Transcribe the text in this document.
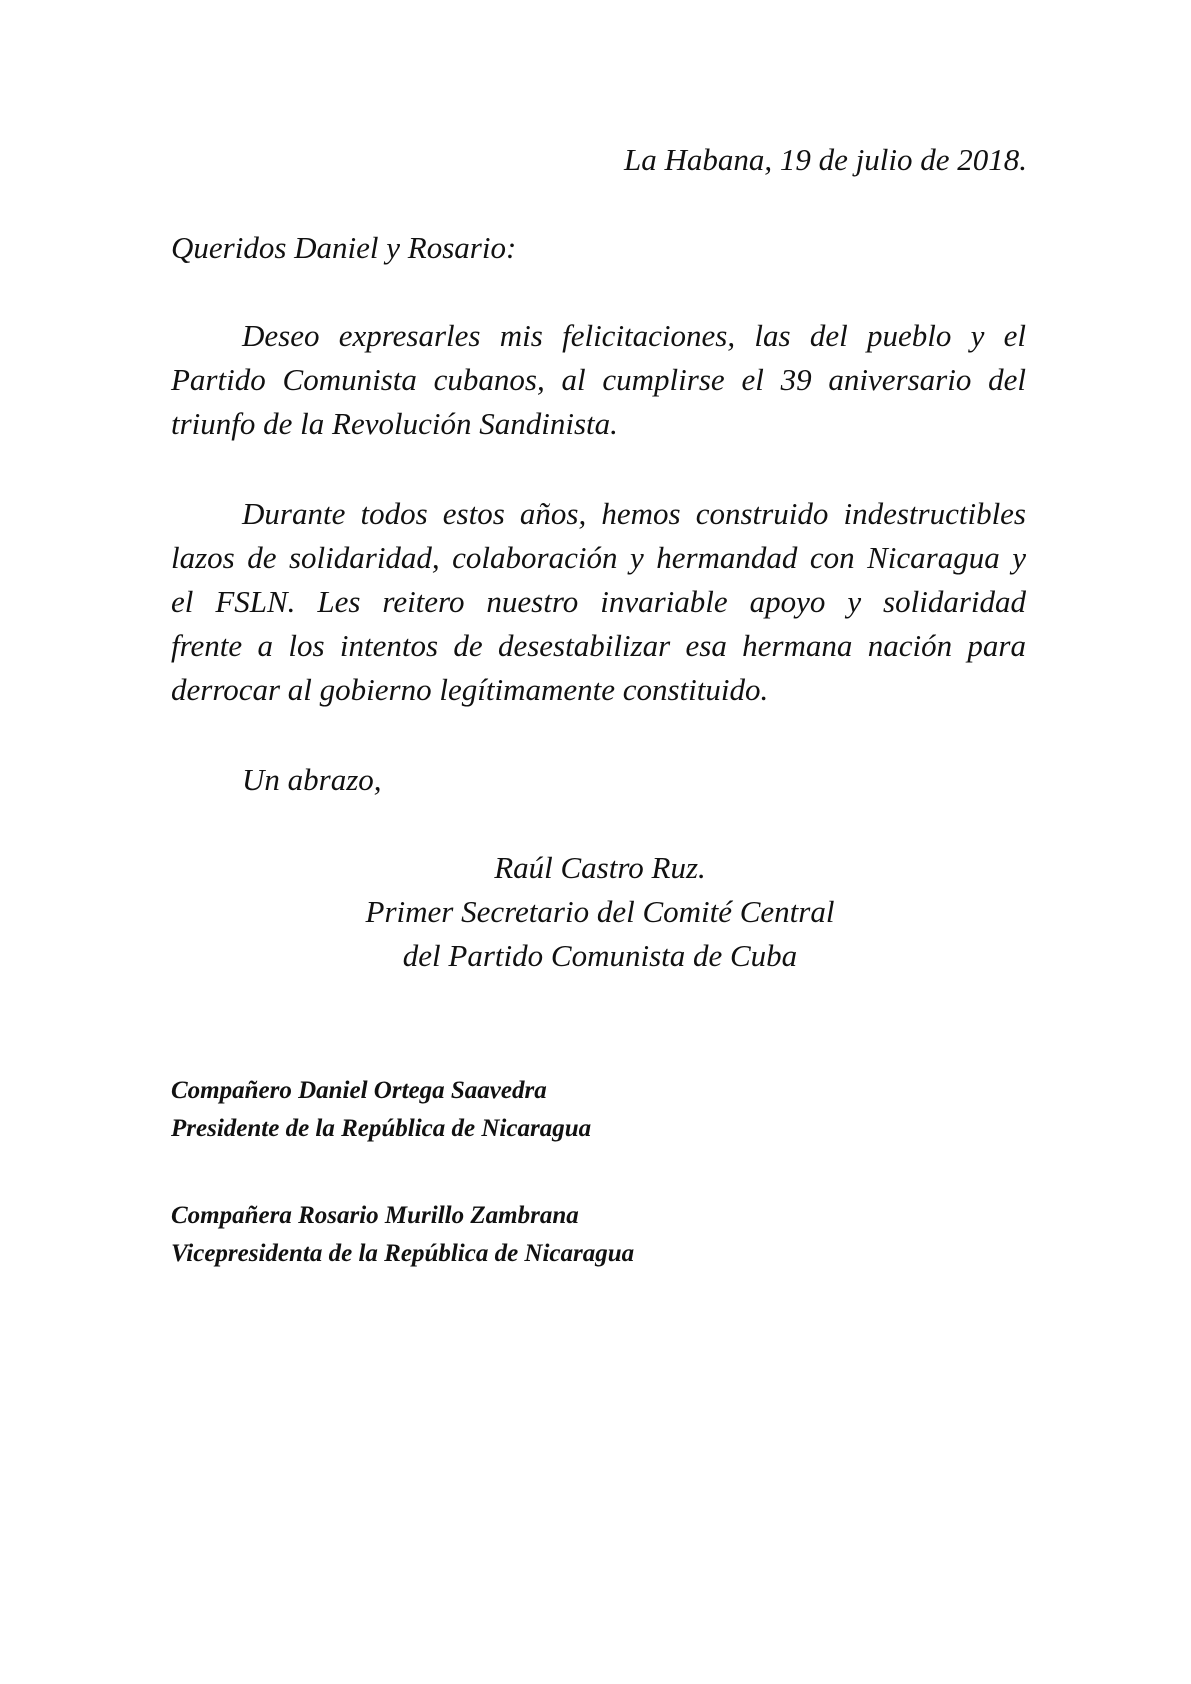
La Habana, 19 de julio de 2018.

Queridos Daniel y Rosario:

Deseo expresarles mis felicitaciones, las del pueblo y el
Partido Comunista cubanos, al cumplirse el 39 aniversario del
triunfo de la Revolución Sandinista.
Durante todos estos años, hemos construido indestructibles
lazos de solidaridad, colaboración y hermandad con Nicaragua y
el FSLN. Les reitero nuestro invariable apoyo y solidaridad
frente a los intentos de desestabilizar esa hermana nación para
derrocar al gobierno legítimamente constituido.

Un abrazo,

Raúl Castro Ruz.
Primer Secretario del Comité Central
del Partido Comunista de Cuba

Compañero Daniel Ortega Saavedra

Presidente de la República de Nicaragua

Compañera Rosario Murillo Zambrana

Vicepresidenta de la República de Nicaragua
